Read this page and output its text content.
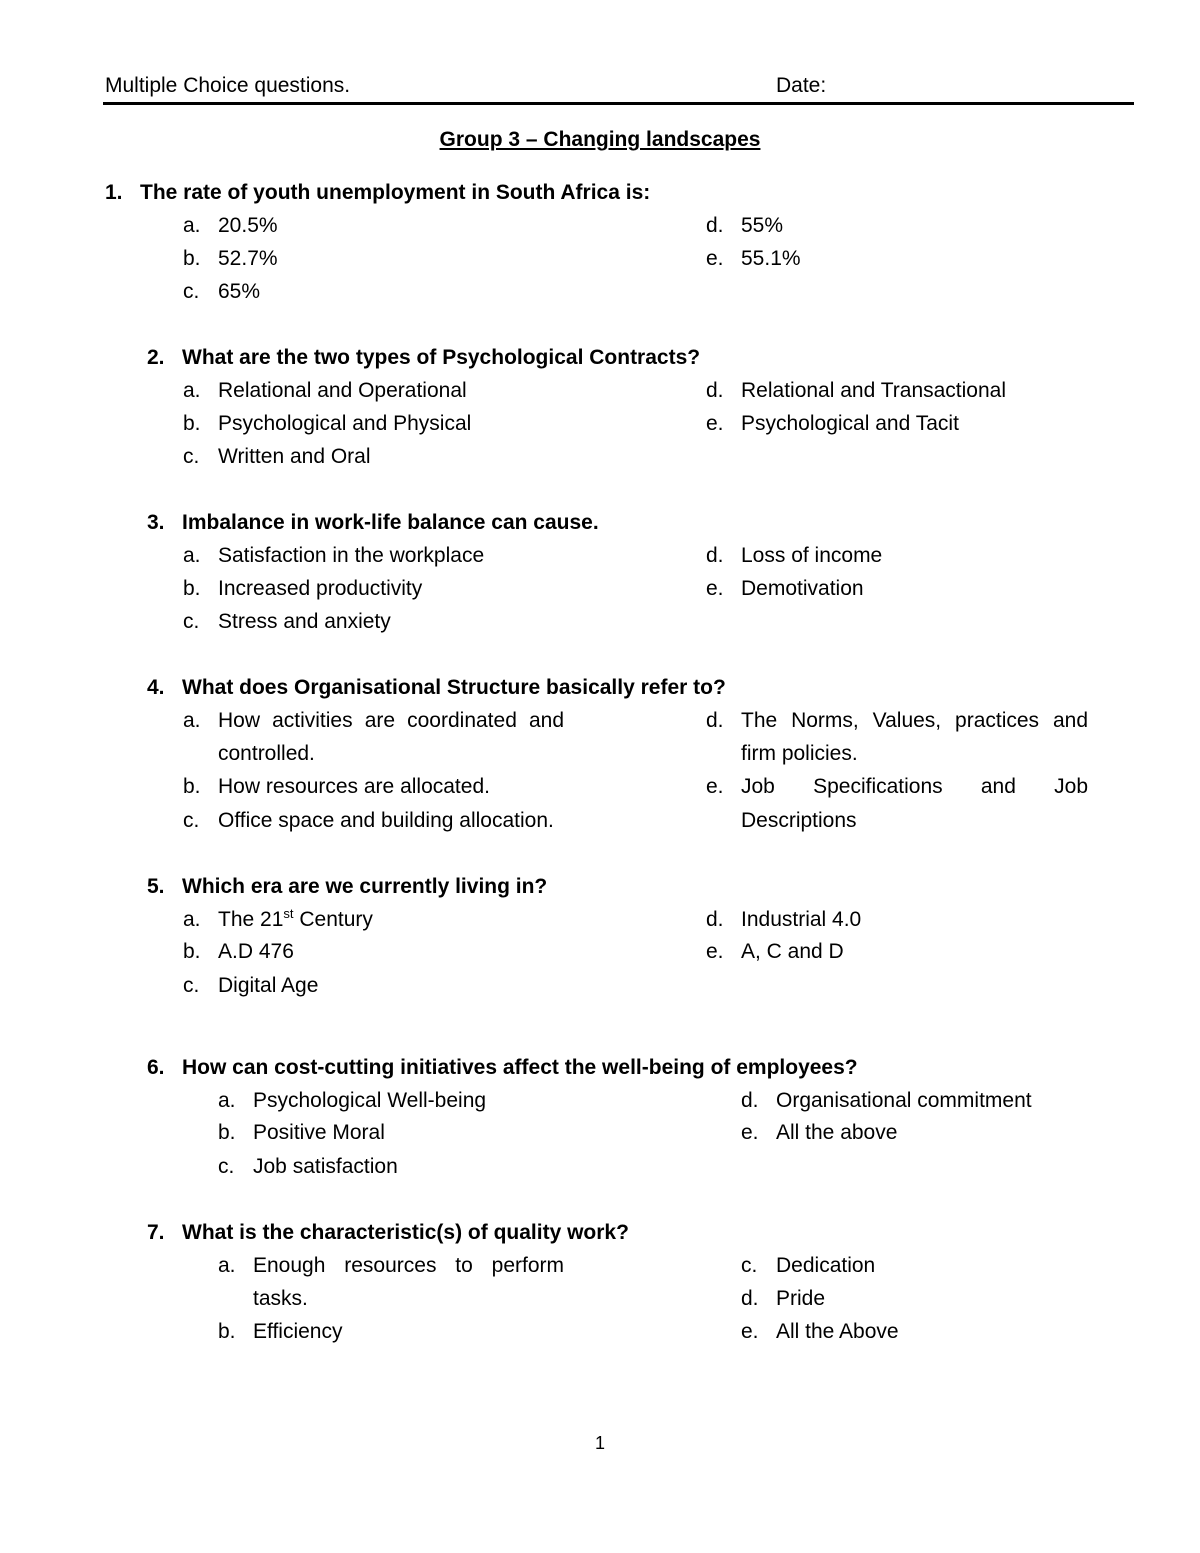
Multiple Choice questions.	Date:
Group 3 – Changing landscapes
1. The rate of youth unemployment in South Africa is:
a. 20.5%
b. 52.7%
c. 65%
d. 55%
e. 55.1%
2. What are the two types of Psychological Contracts?
a. Relational and Operational
b. Psychological and Physical
c. Written and Oral
d. Relational and Transactional
e. Psychological and Tacit
3. Imbalance in work-life balance can cause.
a. Satisfaction in the workplace
b. Increased productivity
c. Stress and anxiety
d. Loss of income
e. Demotivation
4. What does Organisational Structure basically refer to?
a. How activities are coordinated and
controlled.
b. How resources are allocated.
c. Office space and building allocation.
d. The Norms, Values, practices and
firm policies.
e. Job Specifications and Job
Descriptions
5. Which era are we currently living in?
a. The 21st Century
b. A.D 476
c. Digital Age
d. Industrial 4.0
e. A, C and D
6. How can cost-cutting initiatives affect the well-being of employees?
a. Psychological Well-being
b. Positive Moral
c. Job satisfaction
d. Organisational commitment
e. All the above
7. What is the characteristic(s) of quality work?
a. Enough resources to perform
tasks.
b. Efficiency
c. Dedication
d. Pride
e. All the Above
1
